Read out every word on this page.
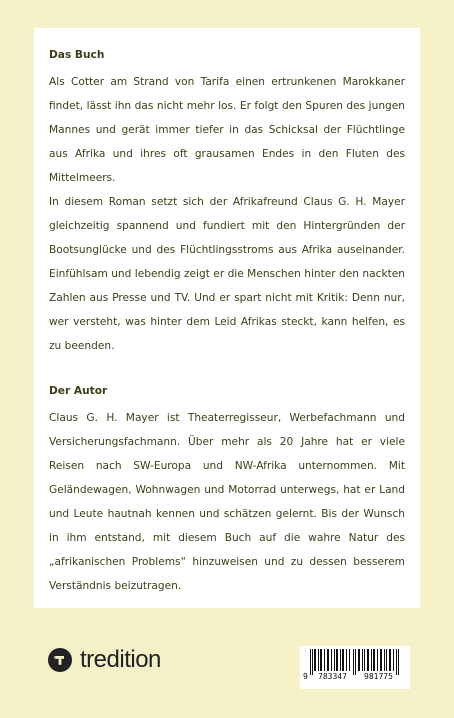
Das Buch

Als Cotter am Strand von Tarifa einen ertrunkenen Marokkaner findet, lässt ihn das nicht mehr los. Er folgt den Spuren des jungen Mannes und gerät immer tiefer in das Schicksal der Flüchtlinge aus Afrika und ihres oft grausamen Endes in den Fluten des Mittelmeers.

In diesem Roman setzt sich der Afrikafreund Claus G. H. Mayer gleichzeitig spannend und fundiert mit den Hintergründen der Bootsunglücke und des Flüchtlingsstroms aus Afrika auseinander. Einfühlsam und lebendig zeigt er die Menschen hinter den nackten Zahlen aus Presse und TV. Und er spart nicht mit Kritik: Denn nur, wer versteht, was hinter dem Leid Afrikas steckt, kann helfen, es zu beenden.

Der Autor

Claus G. H. Mayer ist Theaterregisseur, Werbefachmann und Versicherungsfachmann. Über mehr als 20 Jahre hat er viele Reisen nach SW-Europa und NW-Afrika unternommen. Mit Geländewagen, Wohnwagen und Motorrad unterwegs, hat er Land und Leute hautnah kennen und schätzen gelernt. Bis der Wunsch in ihm entstand, mit diesem Buch auf die wahre Natur des „afrikanischen Problems“ hinzuweisen und zu dessen besserem Verständnis beizutragen.

tredition
9 783347 981775
